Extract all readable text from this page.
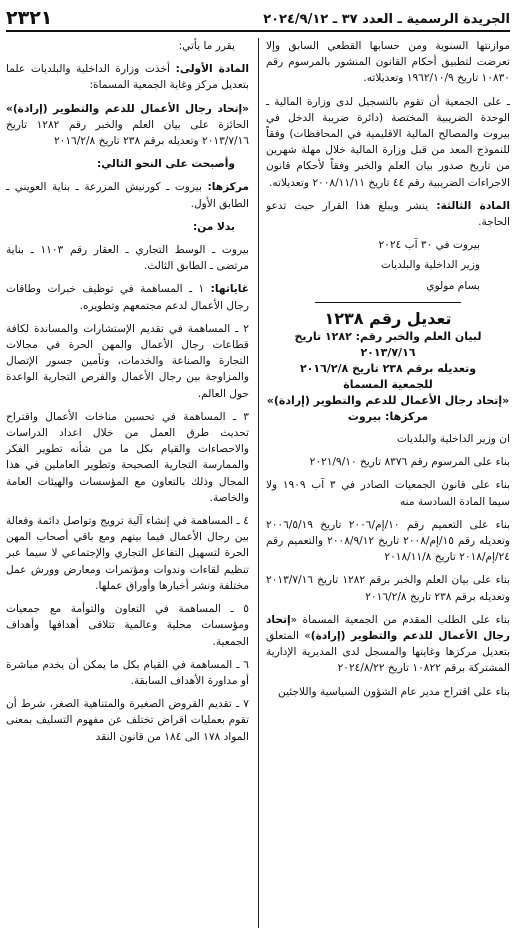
الجريدة الرسمية ـ العدد ٣٧ ـ ٢٠٢٤/٩/١٢
٢٣٢١

موازنتها السنوية ومن حسابها القطعي السابق وإلا تعرضت لتطبيق أحكام القانون المنشور بالمرسوم رقم ١٠٨٣٠ تاريخ ١٩٦٢/١٠/٩ وتعديلاته.

ـ على الجمعية أن تقوم بالتسجيل لدى وزارة المالية ـ الوحدة الضريبية المختصة (دائرة ضريبة الدخل في بيروت والمصالح المالية الاقليمية في المحافظات) وفقاً للنموذج المعد من قبل وزارة المالية خلال مهلة شهرين من تاريخ صدور بيان العلم والخبر وفقاً لأحكام قانون الاجراءات الضريبية رقم ٤٤ تاريخ ٢٠٠٨/١١/١١ وتعديلاته.

المادة الثالثة: ينشر ويبلغ هذا القرار حيث تدعو الحاجة.

بيروت في ٣٠ آب ٢٠٢٤

وزير الداخلية والبلديات

بسام مولوي

تعديل رقم ١٢٣٨

لبيان العلم والخبر رقم: ١٢٨٢ تاريخ ٢٠١٣/٧/١٦

وتعديله برقم ٢٣٨ تاريخ ٢٠١٦/٢/٨

للجمعية المسماة

«إتحاد رجال الأعمال للدعم والتطوير (إرادة)»

مركزها: بيروت

ان وزير الداخلية والبلديات

بناء على المرسوم رقم ٨٣٧٦ تاريخ ٢٠٢١/٩/١٠

بناء على قانون الجمعيات الصادر في ٣ آب ١٩٠٩ ولا سيما المادة السادسة منه

بناء على التعميم رقم ١٠/إم/٢٠٠٦ تاريخ ٢٠٠٦/٥/١٩ وتعديله رقم ١٥/إم/٢٠٠٨ تاريخ ٢٠٠٨/٩/١٢ والتعميم رقم ٢٤/إم/٢٠١٨ تاريخ ٢٠١٨/١١/٨

بناء على بيان العلم والخبر برقم ١٢٨٢ تاريخ ٢٠١٣/٧/١٦ وتعديله برقم ٢٣٨ تاريخ ٢٠١٦/٢/٨

بناء على الطلب المقدم من الجمعية المسماة «إتحاد رجال الأعمال للدعم والتطوير (إرادة)» المتعلق بتعديل مركزها وغايتها والمسجل لدى المديرية الإدارية المشتركة برقم ١٠٨٢٢ تاريخ ٢٠٢٤/٨/٢٢

بناء على اقتراح مدير عام الشؤون السياسية واللاجئين

يقرر ما يأتي:

المادة الأولى: أخذت وزارة الداخلية والبلديات علما بتعديل مركز وغاية الجمعية المسماة:

«إتحاد رجال الأعمال للدعم والتطوير (إرادة)» الحائزة على بيان العلم والخبر رقم ١٢٨٢ تاريخ ٢٠١٣/٧/١٦ وتعديله برقم ٢٣٨ تاريخ ٢٠١٦/٢/٨

وأصبحت على النحو التالي:

مركزها: بيروت ـ كورنيش المزرعة ـ بناية العويني ـ الطابق الأول.

بدلا من:

بيروت ـ الوسط التجاري ـ العقار رقم ١١٠٣ ـ بناية مرتضى ـ الطابق الثالث.

غاياتها: ١ ـ المساهمة في توظيف خبرات وطاقات رجال الأعمال لدعم مجتمعهم وتطويره.

٢ ـ المساهمة في تقديم الإستشارات والمساندة لكافة قطاعات رجال الأعمال والمهن الحرة في مجالات التجارة والصناعة والخدمات، وتأمين جسور الإتصال والمزاوجة بين رجال الأعمال والفرص التجارية الواعدة حول العالم.

٣ ـ المساهمة في تحسين مناخات الأعمال واقتراح تحديث طرق العمل من خلال اعداد الدراسات والاحصاءات والقيام بكل ما من شأنه تطوير الفكر والممارسة التجارية الصحيحة وتطوير العاملين في هذا المجال وذلك بالتعاون مع المؤسسات والهيئات العامة والخاصة.

٤ ـ المساهمة في إنشاء آلية ترويج وتواصل دائمة وفعالة بين رجال الأعمال فيما بينهم ومع باقي أصحاب المهن الحرة لتسهيل التفاعل التجاري والإجتماعي لا سيما عبر تنظيم لقاءات وندوات ومؤتمرات ومعارض وورش عمل مختلفة ونشر أخبارها وأوراق عملها.

٥ ـ المساهمة في التعاون والتوأمة مع جمعيات ومؤسسات محلية وعالمية تتلاقى أهدافها وأهداف الجمعية.

٦ ـ المساهمة في القيام بكل ما يمكن أن يخدم مباشرة أو مداورة الأهداف السابقة.

٧ ـ تقديم القروض الصغيرة والمتناهية الصغر، شرط أن تقوم بعمليات اقراض تختلف عن مفهوم التسليف بمعنى المواد ١٧٨ الى ١٨٤ من قانون النقد
